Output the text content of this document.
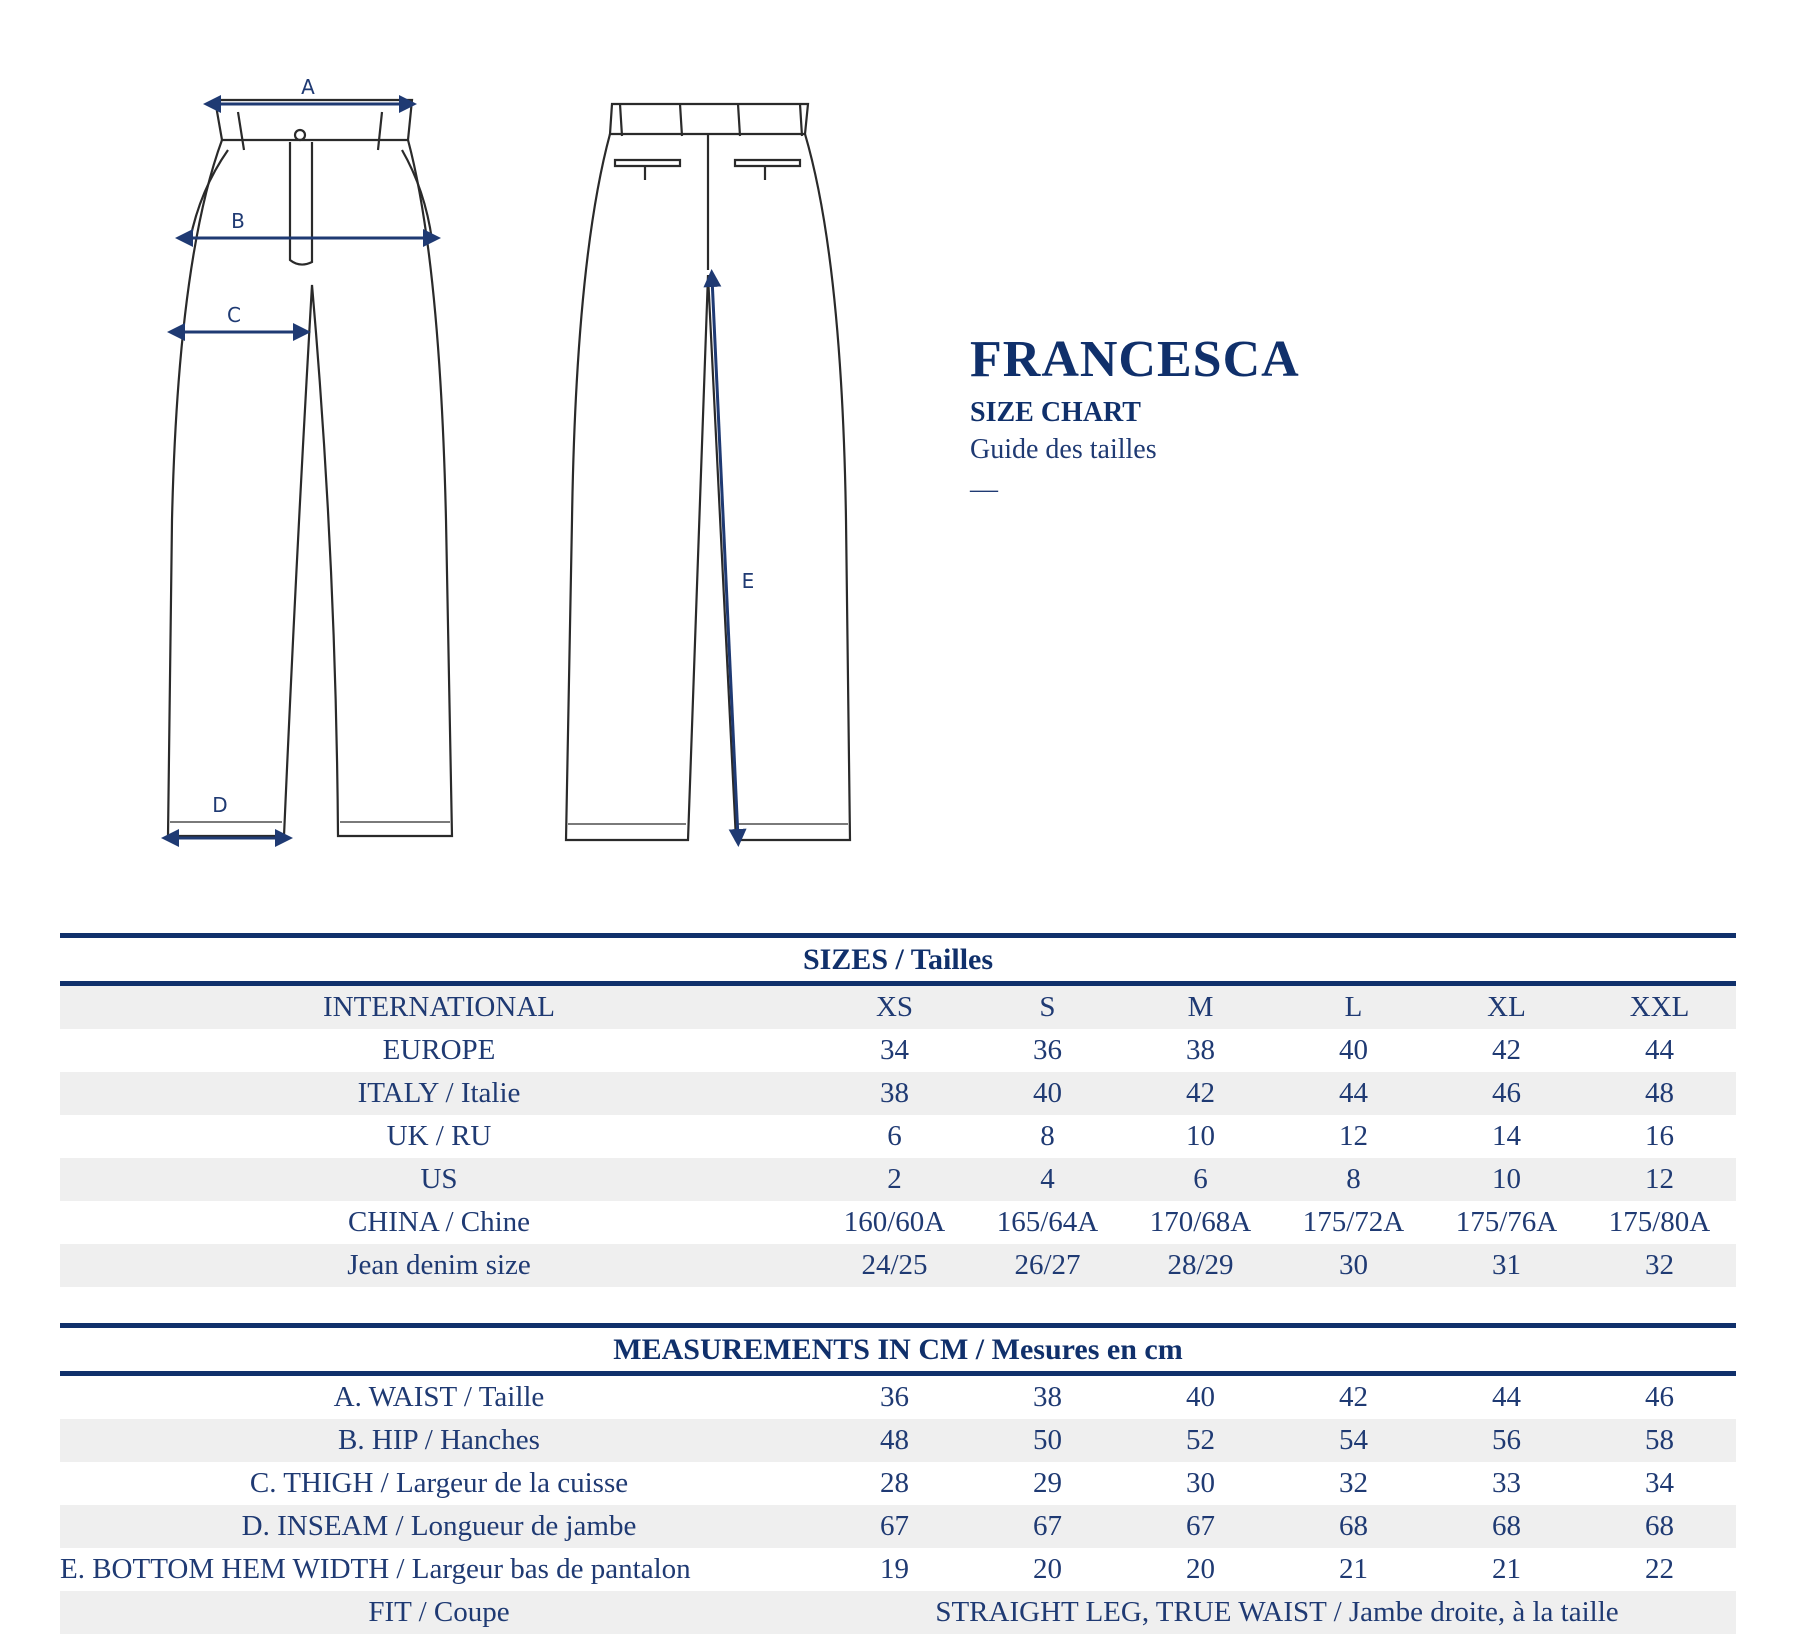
A
B
C
D
E
FRANCESCA
SIZE CHART
Guide des tailles
—
SIZES / Tailles
INTERNATIONAL	XS	S	M	L	XL	XXL
EUROPE	34	36	38	40	42	44
ITALY / Italie	38	40	42	44	46	48
UK / RU	6	8	10	12	14	16
US	2	4	6	8	10	12
CHINA / Chine	160/60A	165/64A	170/68A	175/72A	175/76A	175/80A
Jean denim size	24/25	26/27	28/29	30	31	32
MEASUREMENTS IN CM / Mesures en cm
A. WAIST / Taille	36	38	40	42	44	46
B. HIP / Hanches	48	50	52	54	56	58
C. THIGH / Largeur de la cuisse	28	29	30	32	33	34
D. INSEAM / Longueur de jambe	67	67	67	68	68	68
E. BOTTOM HEM WIDTH / Largeur bas de pantalon	19	20	20	21	21	22
FIT / Coupe	STRAIGHT LEG, TRUE WAIST / Jambe droite, à la taille
